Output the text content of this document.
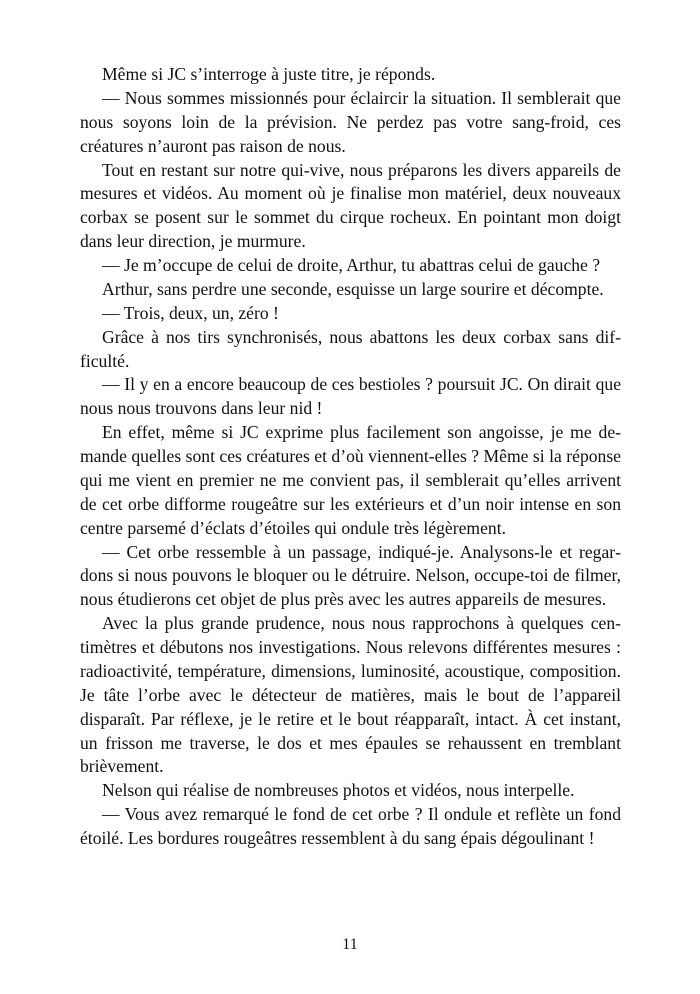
Même si JC s’interroge à juste titre, je réponds.

— Nous sommes missionnés pour éclaircir la situation. Il semblerait que nous soyons loin de la prévision. Ne perdez pas votre sang-froid, ces créatures n’auront pas raison de nous.

Tout en restant sur notre qui-vive, nous préparons les divers appareils de mesures et vidéos. Au moment où je finalise mon matériel, deux nouveaux corbax se posent sur le sommet du cirque rocheux. En pointant mon doigt dans leur direction, je murmure.

— Je m’occupe de celui de droite, Arthur, tu abattras celui de gauche ?

Arthur, sans perdre une seconde, esquisse un large sourire et décompte.

— Trois, deux, un, zéro !

Grâce à nos tirs synchronisés, nous abattons les deux corbax sans difficulté.

— Il y en a encore beaucoup de ces bestioles ? poursuit JC. On dirait que nous nous trouvons dans leur nid !

En effet, même si JC exprime plus facilement son angoisse, je me demande quelles sont ces créatures et d’où viennent-elles ? Même si la réponse qui me vient en premier ne me convient pas, il semblerait qu’elles arrivent de cet orbe difforme rougeâtre sur les extérieurs et d’un noir intense en son centre parsemé d’éclats d’étoiles qui ondule très légèrement.

— Cet orbe ressemble à un passage, indiqué-je. Analysons-le et regardons si nous pouvons le bloquer ou le détruire. Nelson, occupe-toi de filmer, nous étudierons cet objet de plus près avec les autres appareils de mesures.

Avec la plus grande prudence, nous nous rapprochons à quelques centimètres et débutons nos investigations. Nous relevons différentes mesures : radioactivité, température, dimensions, luminosité, acoustique, composition. Je tâte l’orbe avec le détecteur de matières, mais le bout de l’appareil disparaît. Par réflexe, je le retire et le bout réapparaît, intact. À cet instant, un frisson me traverse, le dos et mes épaules se rehaussent en tremblant brièvement.

Nelson qui réalise de nombreuses photos et vidéos, nous interpelle.

— Vous avez remarqué le fond de cet orbe ? Il ondule et reflète un fond étoilé. Les bordures rougeâtres ressemblent à du sang épais dégoulinant !

11
